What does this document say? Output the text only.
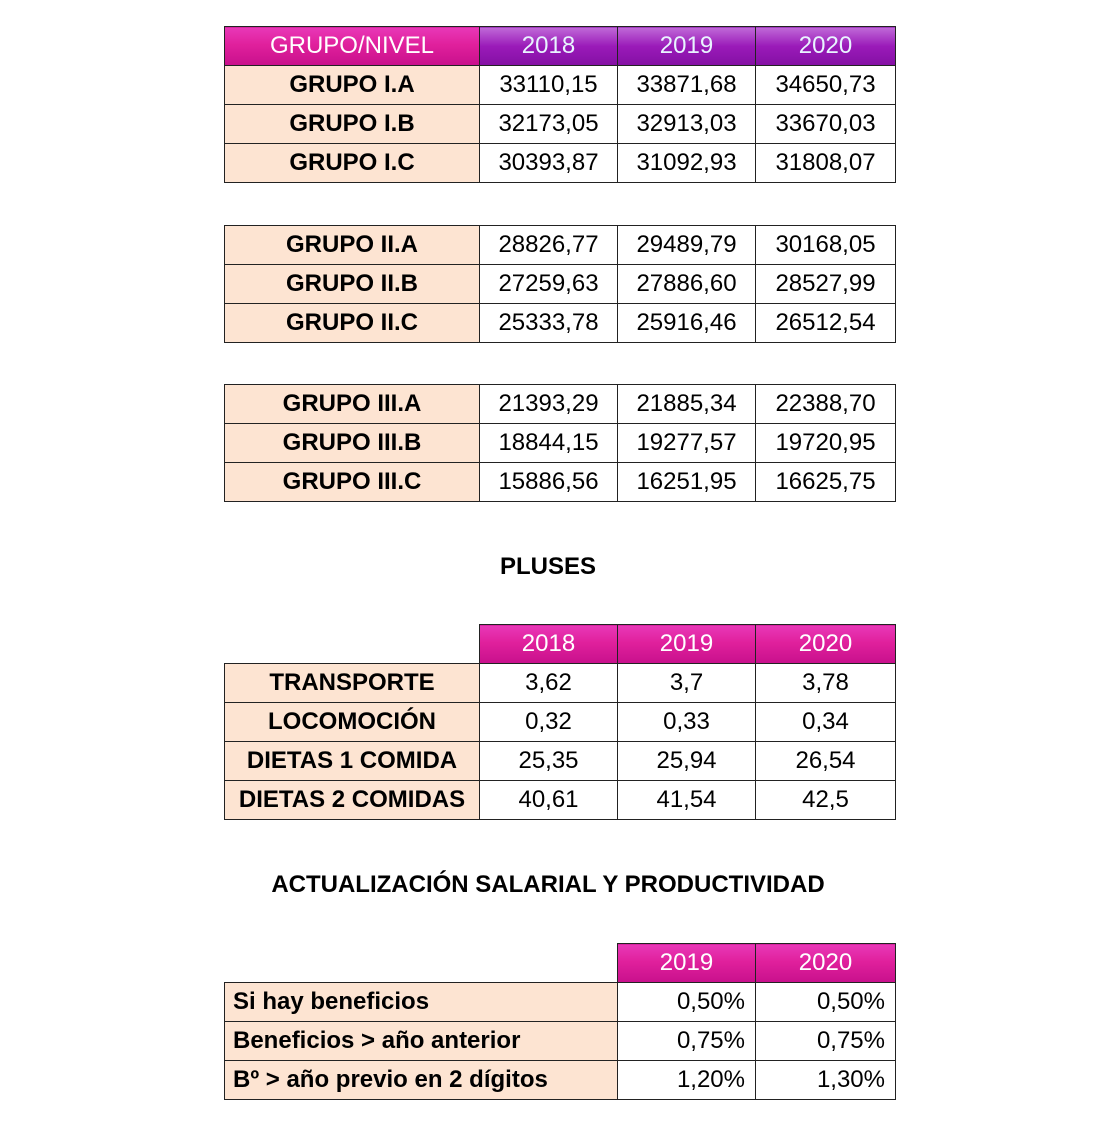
GRUPO/NIVEL	2018	2019	2020
GRUPO I.A	33110,15	33871,68	34650,73
GRUPO I.B	32173,05	32913,03	33670,03
GRUPO I.C	30393,87	31092,93	31808,07
GRUPO II.A	28826,77	29489,79	30168,05
GRUPO II.B	27259,63	27886,60	28527,99
GRUPO II.C	25333,78	25916,46	26512,54
GRUPO III.A	21393,29	21885,34	22388,70
GRUPO III.B	18844,15	19277,57	19720,95
GRUPO III.C	15886,56	16251,95	16625,75
PLUSES
	2018	2019	2020
TRANSPORTE	3,62	3,7	3,78
LOCOMOCIÓN	0,32	0,33	0,34
DIETAS 1 COMIDA	25,35	25,94	26,54
DIETAS 2 COMIDAS	40,61	41,54	42,5
ACTUALIZACIÓN SALARIAL Y PRODUCTIVIDAD
	2019	2020
Si hay beneficios	0,50%	0,50%
Beneficios > año anterior	0,75%	0,75%
Bº > año previo en 2 dígitos	1,20%	1,30%
